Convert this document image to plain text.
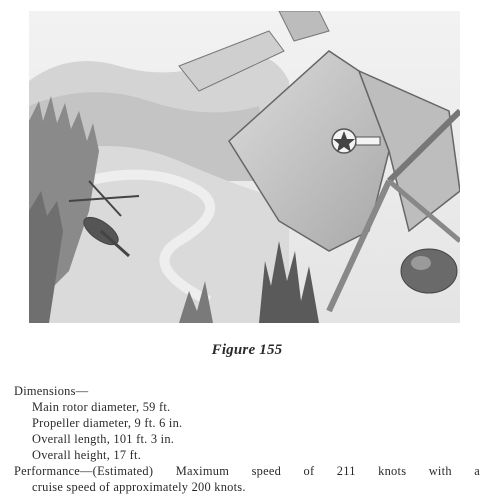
Figure 155
Dimensions—
Main rotor diameter, 59 ft.
Propeller diameter, 9 ft. 6 in.
Overall length, 101 ft. 3 in.
Overall height, 17 ft.
Performance—(Estimated) Maximum speed of 211 knots with a
cruise speed of approximately 200 knots.
